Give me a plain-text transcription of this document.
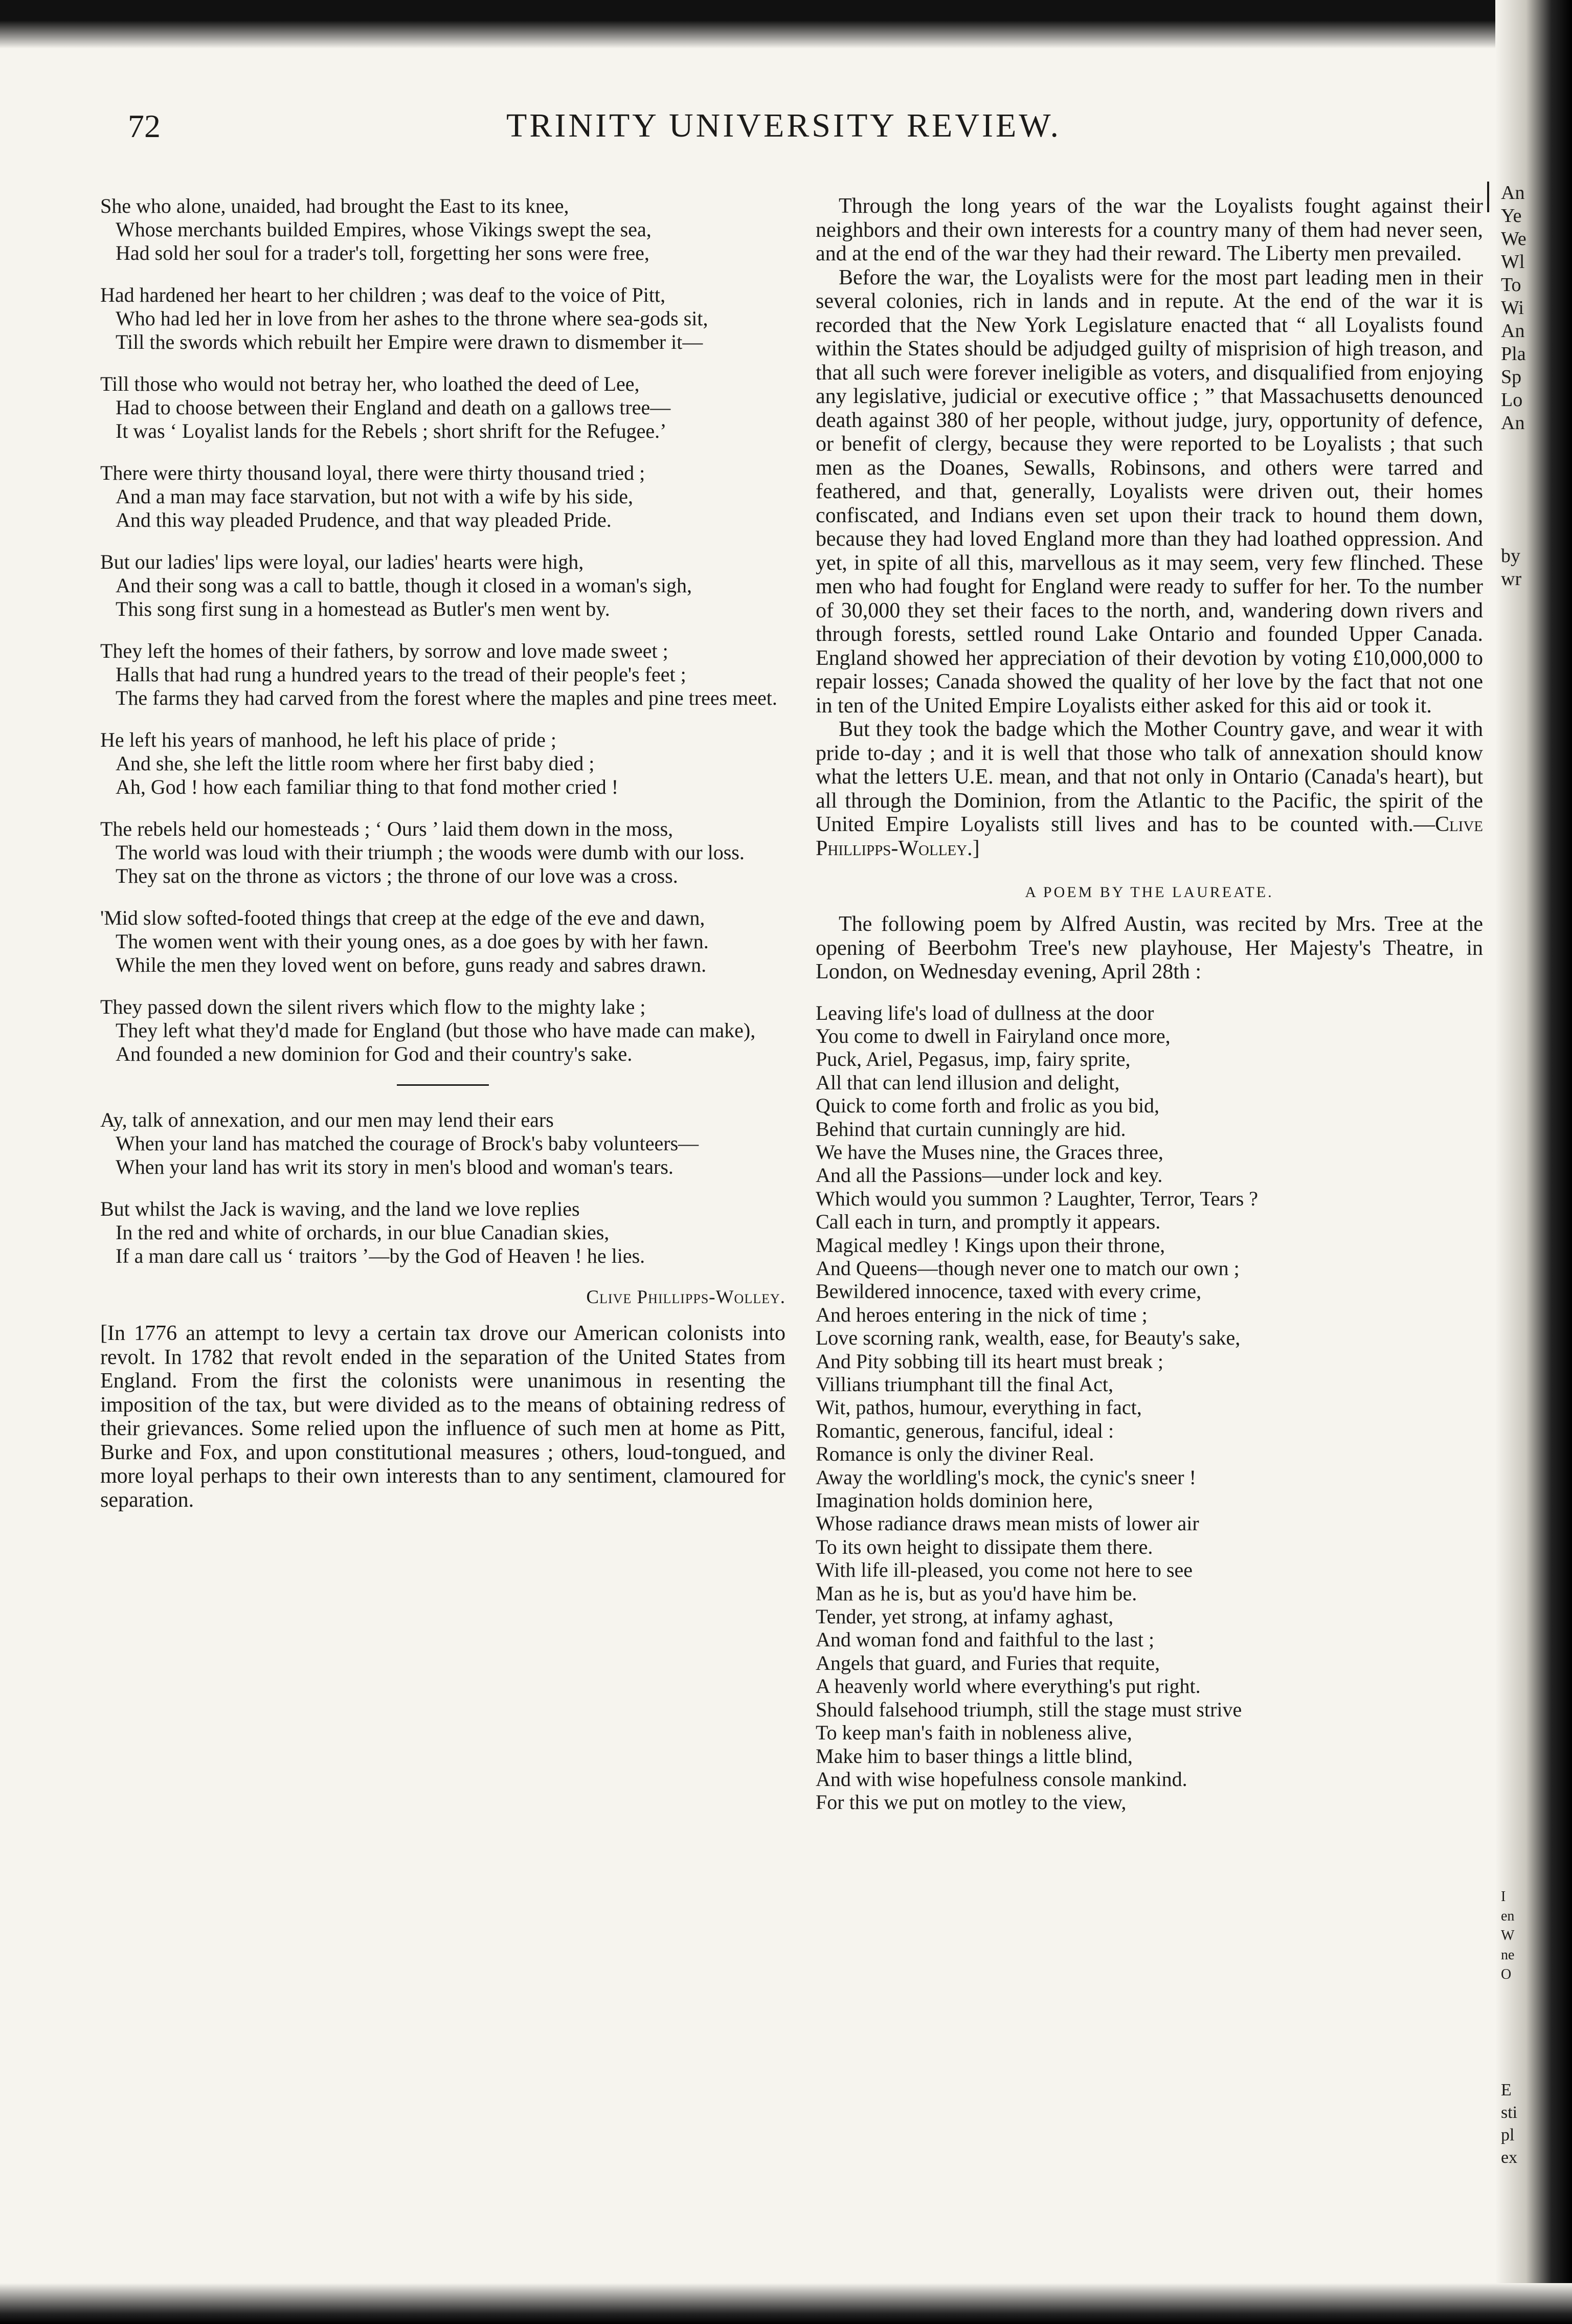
72	TRINITY UNIVERSITY REVIEW.
She who alone, unaided, had brought the East to its knee,
Whose merchants builded Empires, whose Vikings swept the sea,
Had sold her soul for a trader's toll, forgetting her sons were free,
Had hardened her heart to her children ; was deaf to the voice of Pitt,
Who had led her in love from her ashes to the throne where sea-gods sit,
Till the swords which rebuilt her Empire were drawn to dismember it—
Till those who would not betray her, who loathed the deed of Lee,
Had to choose between their England and death on a gallows tree—
It was ‘ Loyalist lands for the Rebels ; short shrift for the Refugee.’
There were thirty thousand loyal, there were thirty thousand tried ;
And a man may face starvation, but not with a wife by his side,
And this way pleaded Prudence, and that way pleaded Pride.
But our ladies' lips were loyal, our ladies' hearts were high,
And their song was a call to battle, though it closed in a woman's sigh,
This song first sung in a homestead as Butler's men went by.
They left the homes of their fathers, by sorrow and love made sweet ;
Halls that had rung a hundred years to the tread of their people's feet ;
The farms they had carved from the forest where the maples and pine trees meet.
He left his years of manhood, he left his place of pride ;
And she, she left the little room where her first baby died ;
Ah, God ! how each familiar thing to that fond mother cried !
The rebels held our homesteads ; ‘ Ours ’ laid them down in the moss,
The world was loud with their triumph ; the woods were dumb with our loss.
They sat on the throne as victors ; the throne of our love was a cross.
'Mid slow softed-footed things that creep at the edge of the eve and dawn,
The women went with their young ones, as a doe goes by with her fawn.
While the men they loved went on before, guns ready and sabres drawn.
They passed down the silent rivers which flow to the mighty lake ;
They left what they'd made for England (but those who have made can make),
And founded a new dominion for God and their country's sake.
Ay, talk of annexation, and our men may lend their ears
When your land has matched the courage of Brock's baby volunteers—
When your land has writ its story in men's blood and woman's tears.
But whilst the Jack is waving, and the land we love replies
In the red and white of orchards, in our blue Canadian skies,
If a man dare call us ‘ traitors ’—by the God of Heaven ! he lies.
Clive Phillipps-Wolley.

[In 1776 an attempt to levy a certain tax drove our American colonists into revolt. In 1782 that revolt ended in the separation of the United States from England. From the first the colonists were unanimous in resenting the imposition of the tax, but were divided as to the means of obtaining redress of their grievances. Some relied upon the influence of such men at home as Pitt, Burke and Fox, and upon constitutional measures ; others, loud-tongued, and more loyal perhaps to their own interests than to any sentiment, clamoured for separation.

Through the long years of the war the Loyalists fought against their neighbors and their own interests for a country many of them had never seen, and at the end of the war they had their reward. The Liberty men prevailed.

Before the war, the Loyalists were for the most part leading men in their several colonies, rich in lands and in repute. At the end of the war it is recorded that the New York Legislature enacted that “ all Loyalists found within the States should be adjudged guilty of misprision of high treason, and that all such were forever ineligible as voters, and disqualified from enjoying any legislative, judicial or executive office ; ” that Massachusetts denounced death against 380 of her people, without judge, jury, opportunity of defence, or benefit of clergy, because they were reported to be Loyalists ; that such men as the Doanes, Sewalls, Robinsons, and others were tarred and feathered, and that, generally, Loyalists were driven out, their homes confiscated, and Indians even set upon their track to hound them down, because they had loved England more than they had loathed oppression. And yet, in spite of all this, marvellous as it may seem, very few flinched. These men who had fought for England were ready to suffer for her. To the number of 30,000 they set their faces to the north, and, wandering down rivers and through forests, settled round Lake Ontario and founded Upper Canada. England showed her appreciation of their devotion by voting £10,000,000 to repair losses; Canada showed the quality of her love by the fact that not one in ten of the United Empire Loyalists either asked for this aid or took it.

But they took the badge which the Mother Country gave, and wear it with pride to-day ; and it is well that those who talk of annexation should know what the letters U.E. mean, and that not only in Ontario (Canada's heart), but all through the Dominion, from the Atlantic to the Pacific, the spirit of the United Empire Loyalists still lives and has to be counted with.—Clive Phillipps-Wolley.]

A POEM BY THE LAUREATE.

The following poem by Alfred Austin, was recited by Mrs. Tree at the opening of Beerbohm Tree's new playhouse, Her Majesty's Theatre, in London, on Wednesday evening, April 28th :

Leaving life's load of dullness at the door
You come to dwell in Fairyland once more,
Puck, Ariel, Pegasus, imp, fairy sprite,
All that can lend illusion and delight,
Quick to come forth and frolic as you bid,
Behind that curtain cunningly are hid.
We have the Muses nine, the Graces three,
And all the Passions—under lock and key.
Which would you summon ? Laughter, Terror, Tears ?
Call each in turn, and promptly it appears.
Magical medley ! Kings upon their throne,
And Queens—though never one to match our own ;
Bewildered innocence, taxed with every crime,
And heroes entering in the nick of time ;
Love scorning rank, wealth, ease, for Beauty's sake,
And Pity sobbing till its heart must break ;
Villians triumphant till the final Act,
Wit, pathos, humour, everything in fact,
Romantic, generous, fanciful, ideal :
Romance is only the diviner Real.
Away the worldling's mock, the cynic's sneer !
Imagination holds dominion here,
Whose radiance draws mean mists of lower air
To its own height to dissipate them there.
With life ill-pleased, you come not here to see
Man as he is, but as you'd have him be.
Tender, yet strong, at infamy aghast,
And woman fond and faithful to the last ;
Angels that guard, and Furies that requite,
A heavenly world where everything's put right.
Should falsehood triumph, still the stage must strive
To keep man's faith in nobleness alive,
Make him to baser things a little blind,
And with wise hopefulness console mankind.
For this we put on motley to the view,
An
Ye
We
Wl
To
Wi
An
Pla
Sp
Lo
An
by
wr
I
en
W
ne
O
E
sti
pl
ex
